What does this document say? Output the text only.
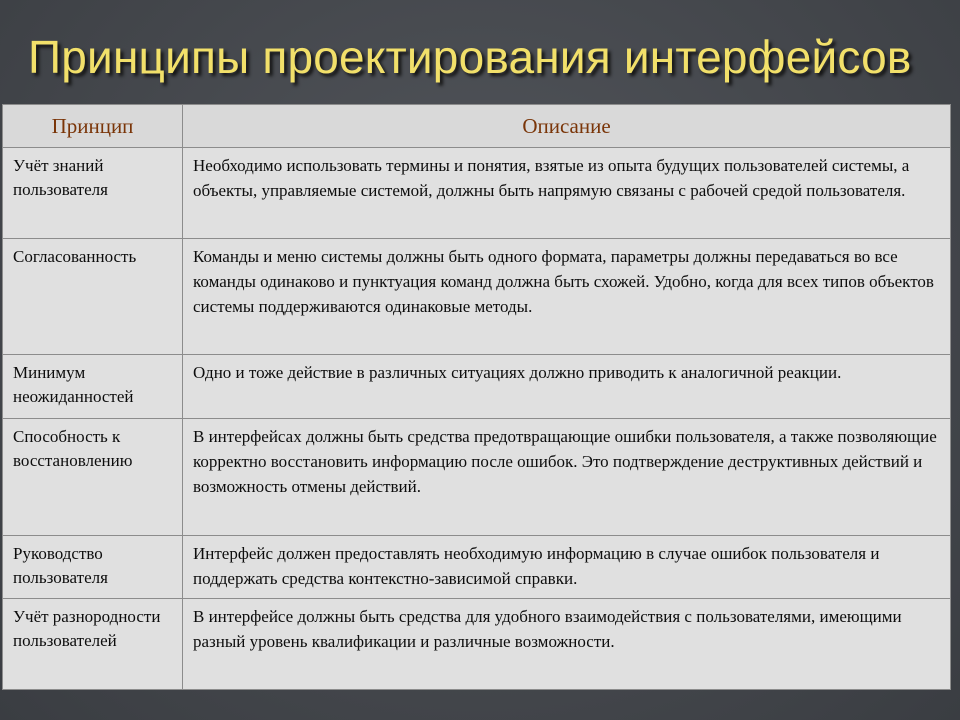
Принципы проектирования интерфейсов
Принцип	Описание
Учёт знаний пользователя	Необходимо использовать термины и понятия, взятые из опыта будущих пользователей системы, а объекты, управляемые системой, должны быть напрямую связаны с рабочей средой пользователя.
Согласованность	Команды и меню системы должны быть одного формата, параметры должны передаваться во все команды одинаково и пунктуация команд должна быть схожей. Удобно, когда для всех типов объектов системы поддерживаются одинаковые методы.
Минимум неожиданностей	Одно и тоже действие в различных ситуациях должно приводить к аналогичной реакции.
Способность к восстановлению	В интерфейсах должны быть средства предотвращающие ошибки пользователя, а также позволяющие корректно восстановить информацию после ошибок. Это подтверждение деструктивных действий и возможность отмены действий.
Руководство пользователя	Интерфейс должен предоставлять необходимую информацию в случае ошибок пользователя и поддержать средства контекстно-зависимой справки.
Учёт разнородности пользователей	В интерфейсе должны быть средства для удобного взаимодействия с пользователями, имеющими разный уровень квалификации и различные возможности.
